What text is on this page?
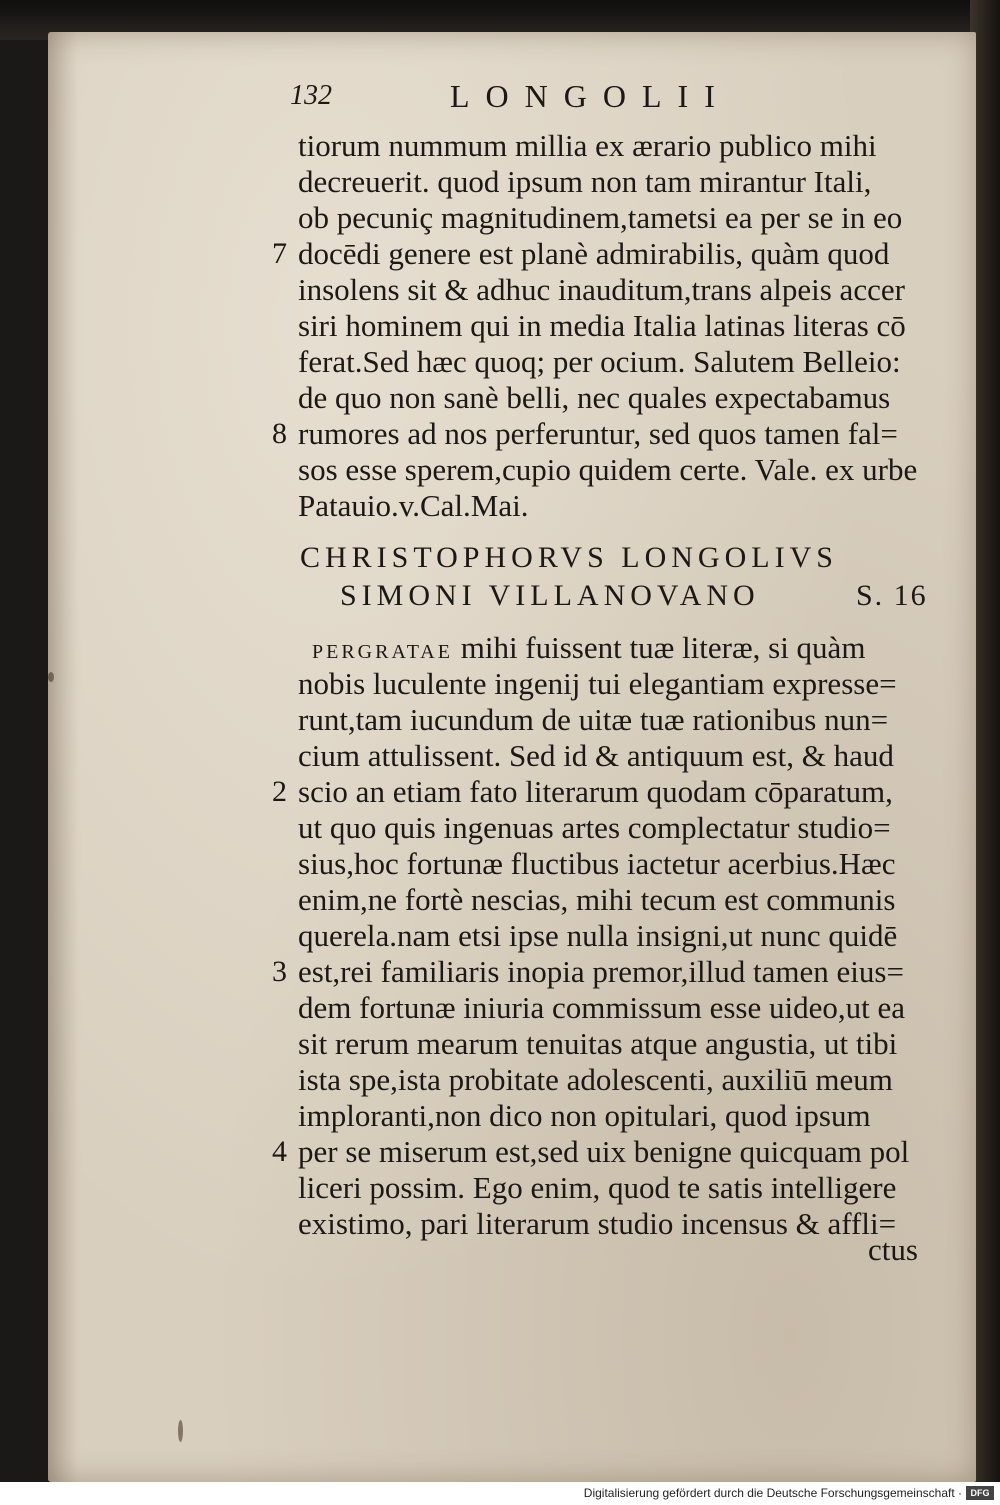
132	LONGOLII
tiorum nummum millia ex ærario publico mihi
decreuerit. quod ipsum non tam mirantur Itali,
ob pecuniç magnitudinem,tametsi ea per se in eo
docēdi genere est planè admirabilis, quàm quod
insolens sit & adhuc inauditum,trans alpeis accer
siri hominem qui in media Italia latinas literas cō
ferat.Sed hæc quoq; per ocium. Salutem Belleio:
de quo non sanè belli, nec quales expectabamus
rumores ad nos perferuntur, sed quos tamen fal=
sos esse sperem,cupio quidem certe. Vale. ex urbe
Patauio.v.Cal.Mai.
7
8
CHRISTOPHORVS LONGOLIVS
SIMONI VILLANOVANO	S. 16
PERGRATAE mihi fuissent tuæ literæ, si quàm
nobis luculente ingenij tui elegantiam expresse=
runt,tam iucundum de uitæ tuæ rationibus nun=
cium attulissent. Sed id & antiquum est, & haud
scio an etiam fato literarum quodam cōparatum,
ut quo quis ingenuas artes complectatur studio=
sius,hoc fortunæ fluctibus iactetur acerbius.Hæc
enim,ne fortè nescias, mihi tecum est communis
querela.nam etsi ipse nulla insigni,ut nunc quidē
est,rei familiaris inopia premor,illud tamen eius=
dem fortunæ iniuria commissum esse uideo,ut ea
sit rerum mearum tenuitas atque angustia, ut tibi
ista spe,ista probitate adolescenti, auxiliū meum
imploranti,non dico non opitulari, quod ipsum
per se miserum est,sed uix benigne quicquam pol
liceri possim. Ego enim, quod te satis intelligere
existimo, pari literarum studio incensus & affli=
2
3
4
ctus
Digitalisierung gefördert durch die Deutsche Forschungsgemeinschaft · DFG
